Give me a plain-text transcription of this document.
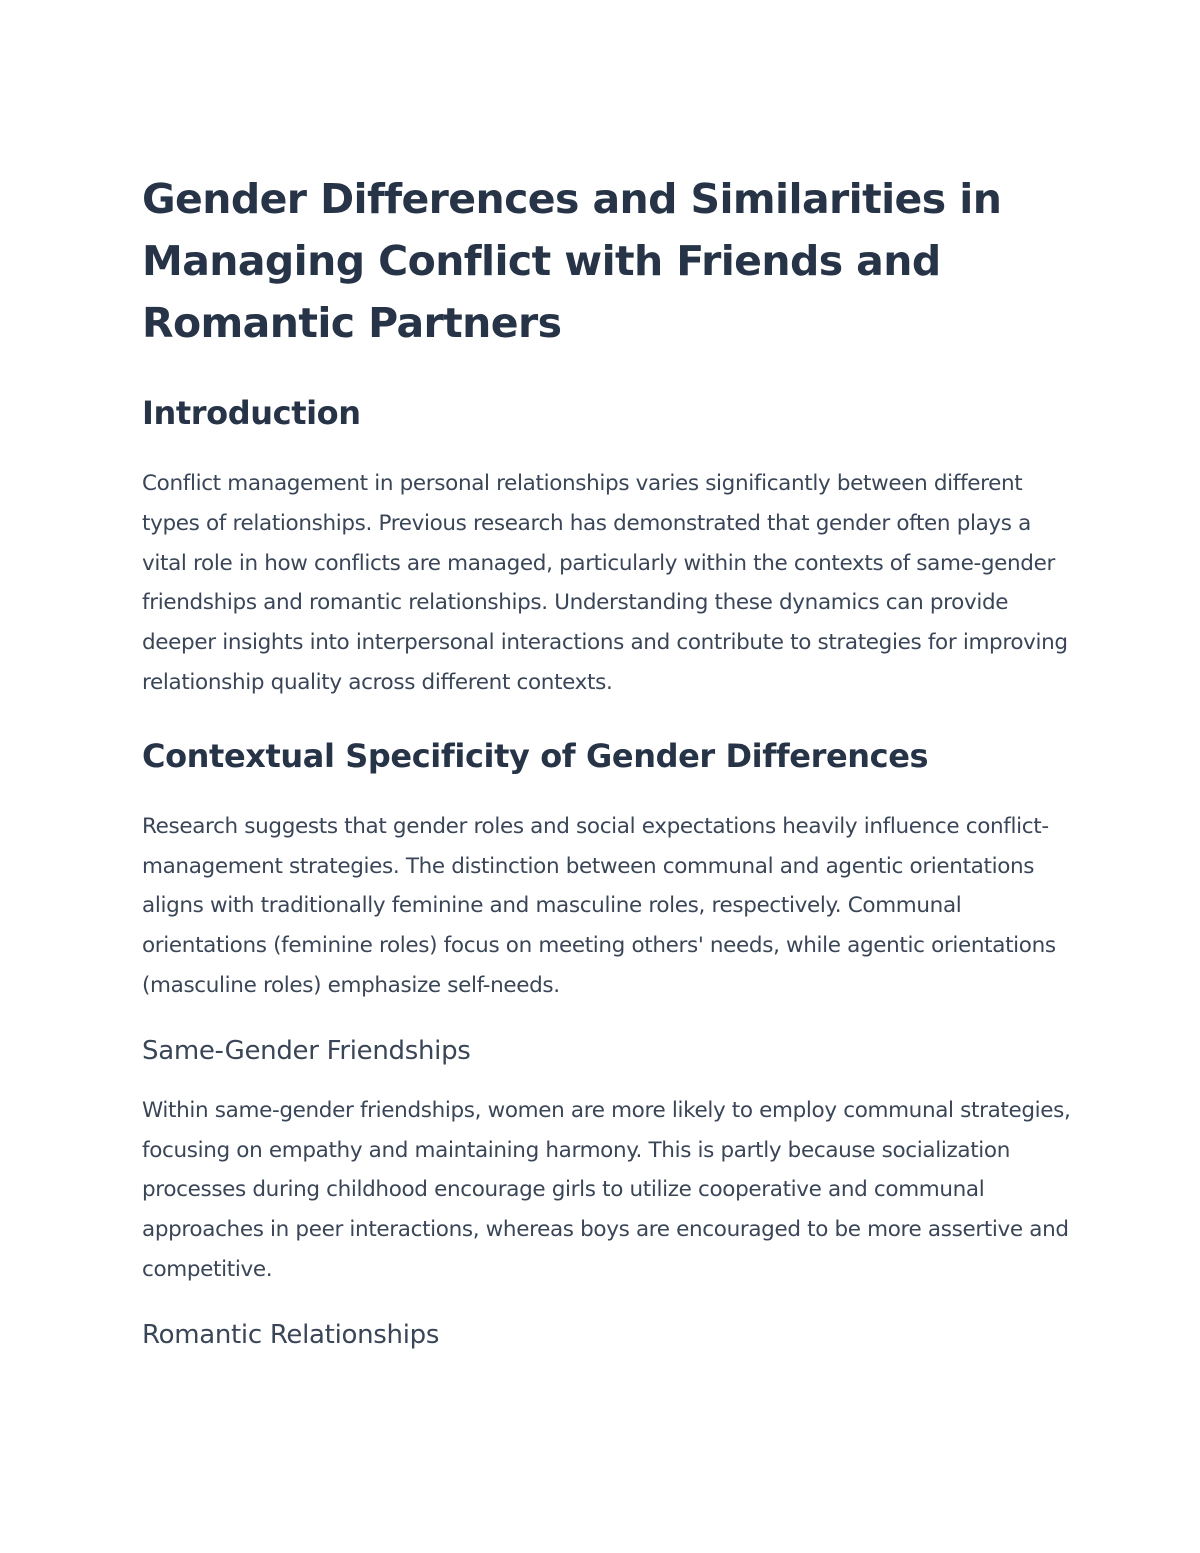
Gender Differences and Similarities in Managing Conflict with Friends and Romantic Partners
Introduction

Conflict management in personal relationships varies significantly between different types of relationships. Previous research has demonstrated that gender often plays a vital role in how conflicts are managed, particularly within the contexts of same-gender friendships and romantic relationships. Understanding these dynamics can provide deeper insights into interpersonal interactions and contribute to strategies for improving relationship quality across different contexts.

Contextual Specificity of Gender Differences

Research suggests that gender roles and social expectations heavily influence conflict-management strategies. The distinction between communal and agentic orientations aligns with traditionally feminine and masculine roles, respectively. Communal orientations (feminine roles) focus on meeting others' needs, while agentic orientations (masculine roles) emphasize self-needs.

Same-Gender Friendships

Within same-gender friendships, women are more likely to employ communal strategies, focusing on empathy and maintaining harmony. This is partly because socialization processes during childhood encourage girls to utilize cooperative and communal approaches in peer interactions, whereas boys are encouraged to be more assertive and competitive.

Romantic Relationships
